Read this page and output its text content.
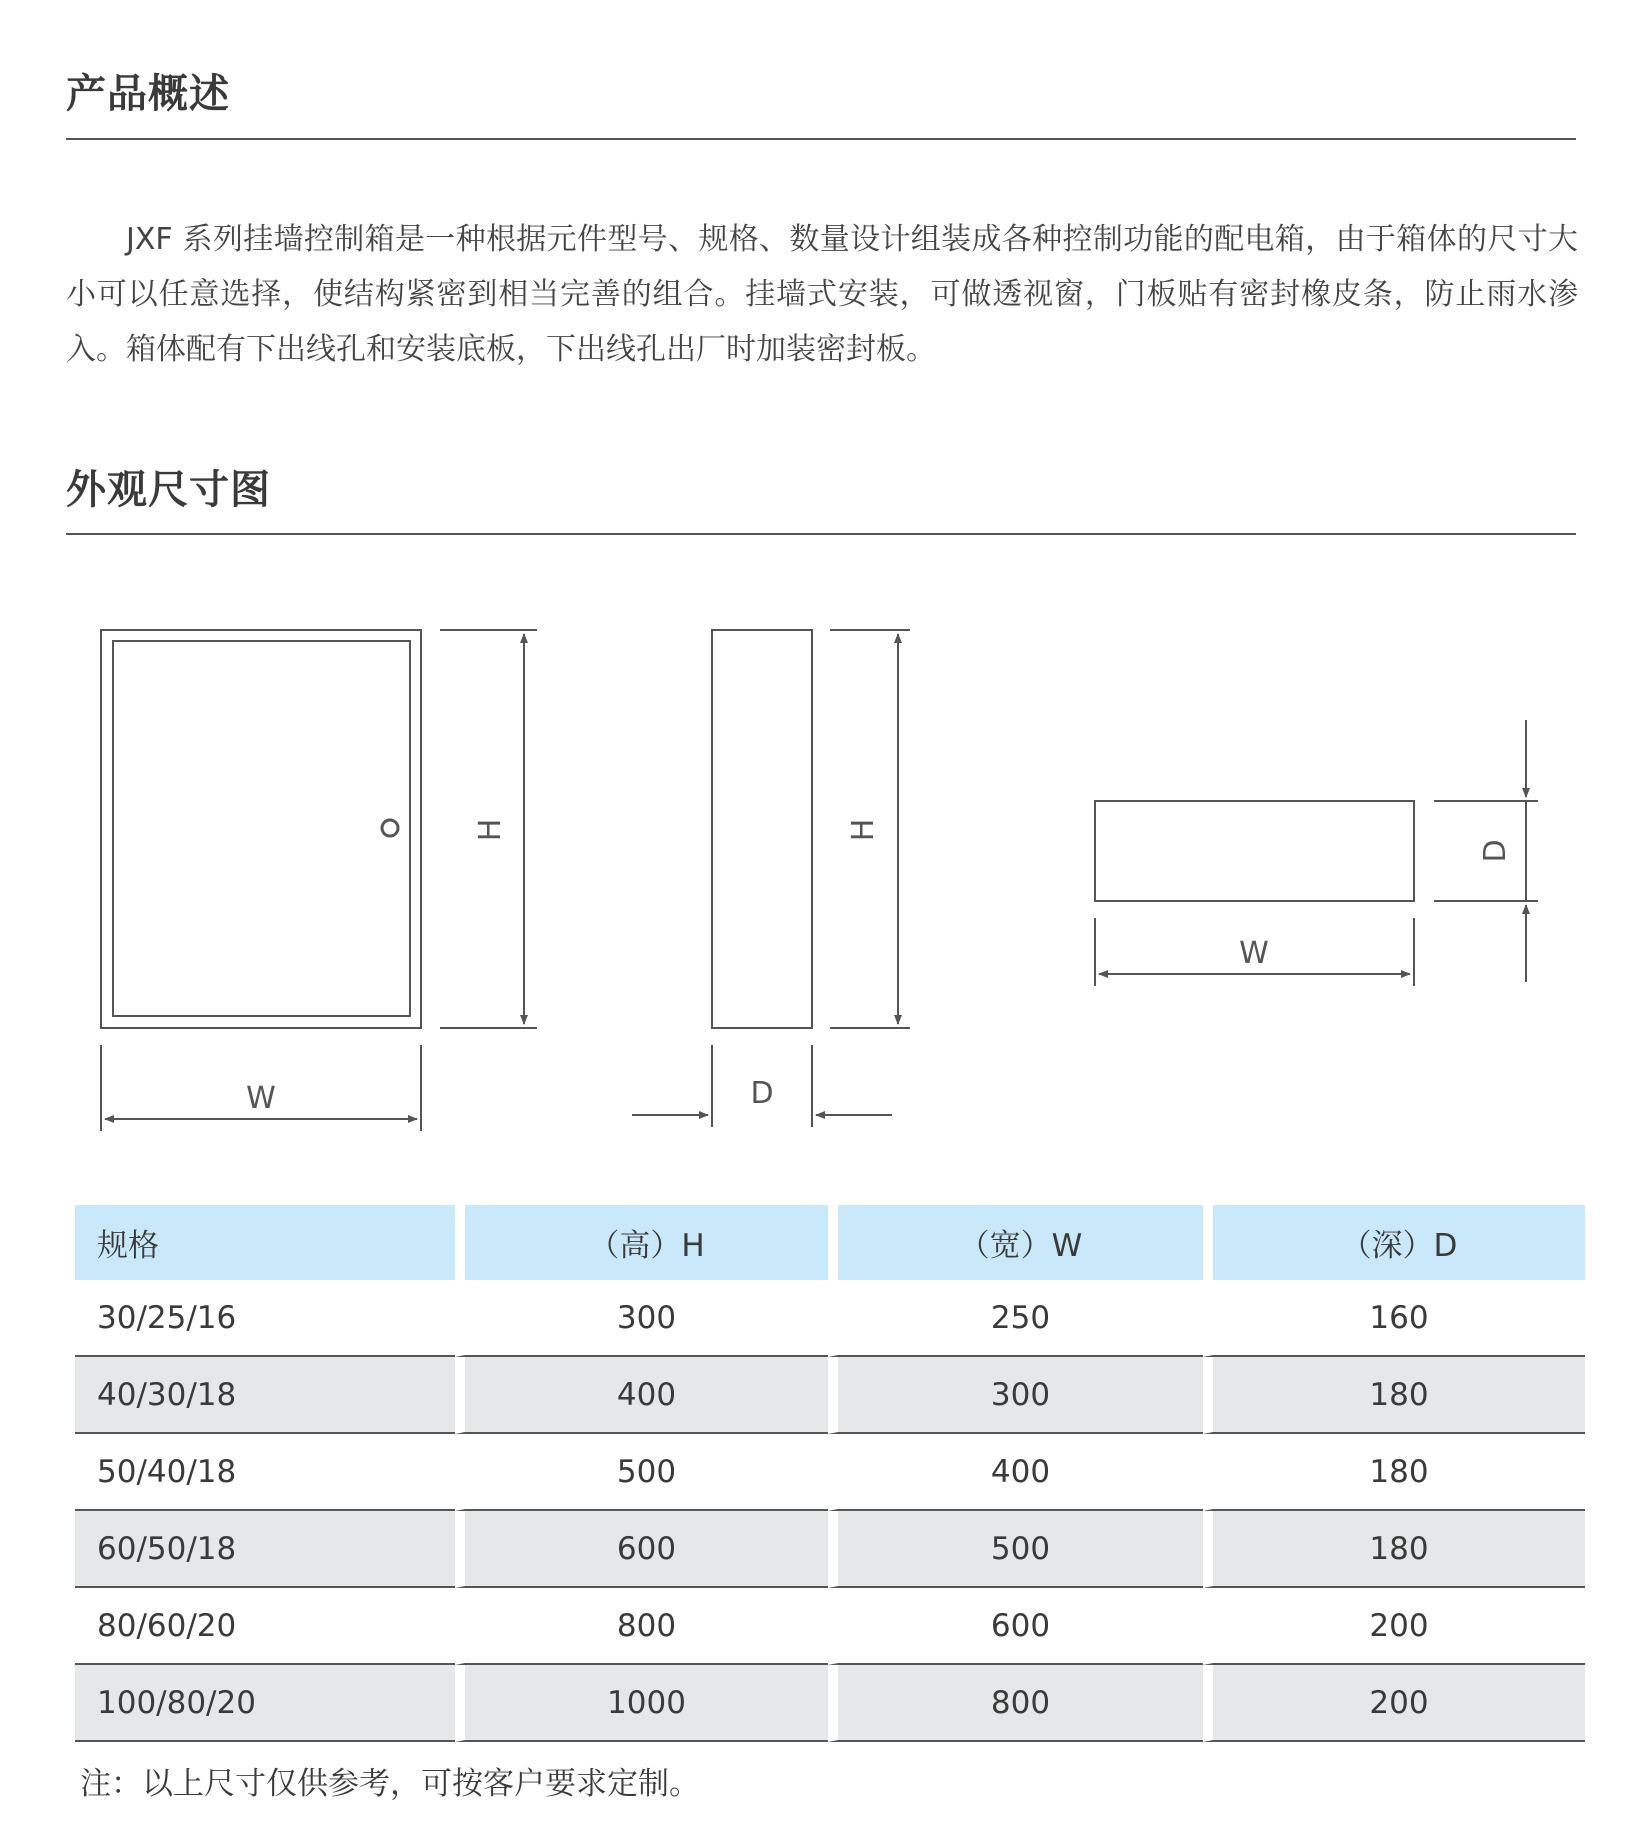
产品概述

JXF 系列挂墙控制箱是一种根据元件型号、规格、数量设计组装成各种控制功能的配电箱，由于箱体的尺寸大小可以任意选择，使结构紧密到相当完善的组合。挂墙式安装，可做透视窗，门板贴有密封橡皮条，防止雨水渗入。箱体配有下出线孔和安装底板，下出线孔出厂时加装密封板。

外观尺寸图
W
H	H
D
W
D
规格	（高）H	（宽）W	（深）D
30/25/16	300	250	160
40/30/18	400	300	180
50/40/18	500	400	180
60/50/18	600	500	180
80/60/20	800	600	200
100/80/20	1000	800	200

注：以上尺寸仅供参考，可按客户要求定制。
